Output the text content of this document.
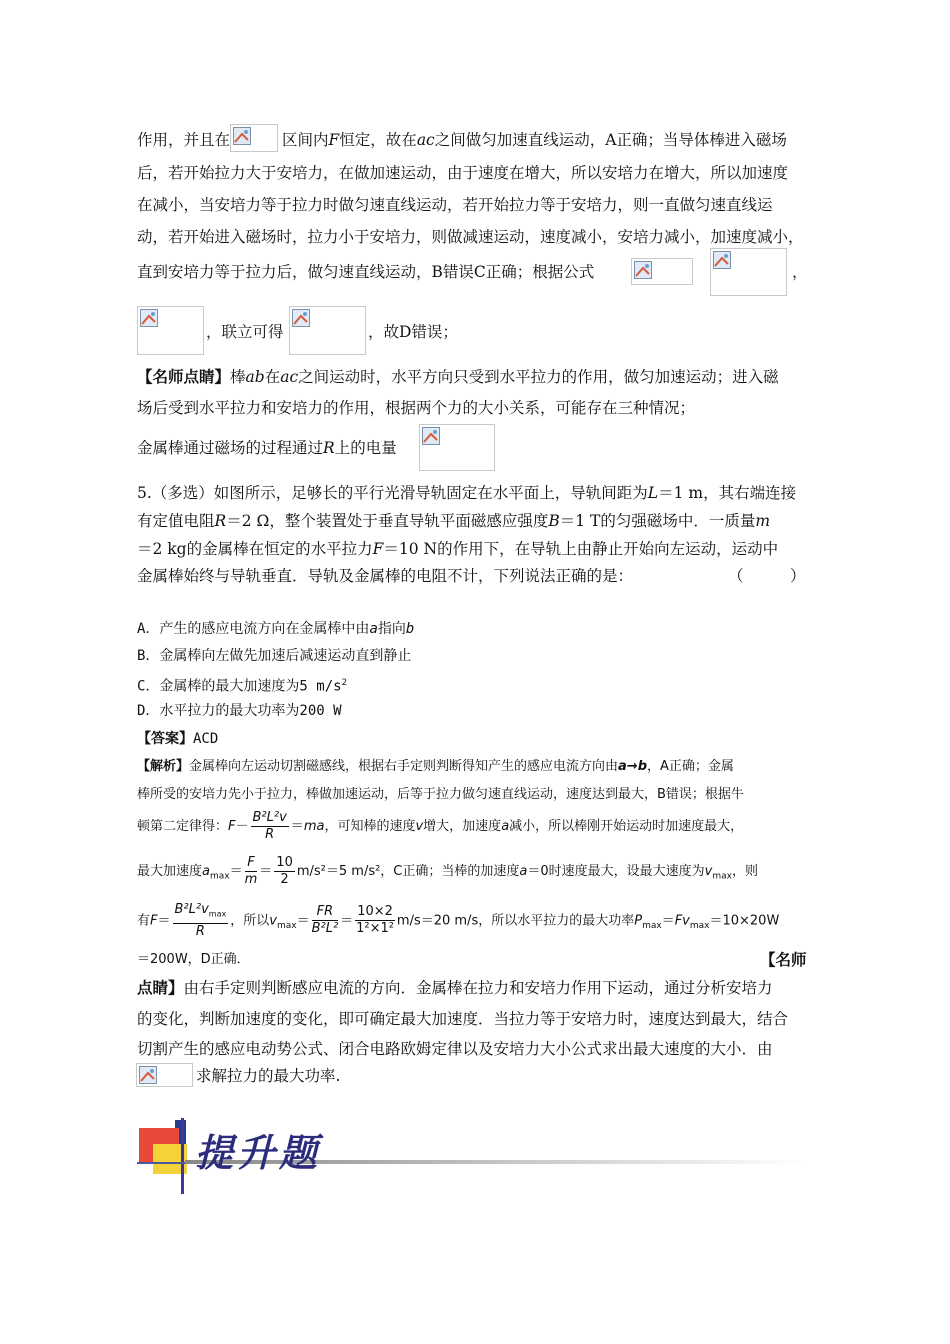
作用，并且在	区间内F恒定，故在ac之间做匀加速直线运动，A正确；当导体棒进入磁场
后，若开始拉力大于安培力，在做加速运动，由于速度在增大，所以安培力在增大，所以加速度
在减小，当安培力等于拉力时做匀速直线运动，若开始拉力等于安培力，则一直做匀速直线运
动，若开始进入磁场时，拉力小于安培力，则做减速运动，速度减小，安培力减小，加速度减小，
直到安培力等于拉力后，做匀速直线运动，B错误C正确；根据公式	，
，联立可得	，故D错误；
【名师点睛】棒ab在ac之间运动时，水平方向只受到水平拉力的作用，做匀加速运动；进入磁
场后受到水平拉力和安培力的作用，根据两个力的大小关系，可能存在三种情况；
金属棒通过磁场的过程通过R上的电量
5.（多选）如图所示，足够长的平行光滑导轨固定在水平面上，导轨间距为L＝1 m，其右端连接
有定值电阻R＝2 Ω，整个装置处于垂直导轨平面磁感应强度B＝1 T的匀强磁场中．一质量m
＝2 kg的金属棒在恒定的水平拉力F＝10 N的作用下，在导轨上由静止开始向左运动，运动中
金属棒始终与导轨垂直．导轨及金属棒的电阻不计，下列说法正确的是：	（　　　）
A．产生的感应电流方向在金属棒中由a指向b
B．金属棒向左做先加速后减速运动直到静止
C．金属棒的最大加速度为5 $m/s^2$
D．水平拉力的最大功率为200 W
【答案】ACD
【解析】金属棒向左运动切割磁感线，根据右手定则判断得知产生的感应电流方向由a→b，A正确；金属
棒所受的安培力先小于拉力，棒做加速运动，后等于拉力做匀速直线运动，速度达到最大，B错误；根据牛
顿第二定律得：$F- \frac{\text{B²L²v}}{R} =ma$，可知棒的速度v增大，加速度a减小，所以棒刚开始运动时加速度最大，
最大加速度$a_{max}= \frac{F}{m} = \frac{10}{2} m/s^2=5$ m/s²，C正确；当棒的加速度a＝0时速度最大，设最大速度为$v_{max}$，则
有F＝
$B^2L^2v_{max}$
R
，所以$v_{max}= \frac{FR}{\text{B²L²}} = \frac{10\times 2}{\text{1²×1²}} m/s=20$ m/s，所以水平拉力的最大功率$P_{max}=Fv_{max}=10\times 20W$
＝200W，D正确．	【名师
点睛】由右手定则判断感应电流的方向．金属棒在拉力和安培力作用下运动，通过分析安培力
的变化，判断加速度的变化，即可确定最大加速度．当拉力等于安培力时，速度达到最大，结合
切割产生的感应电动势公式、闭合电路欧姆定律以及安培力大小公式求出最大速度的大小．由
求解拉力的最大功率.
提升题
